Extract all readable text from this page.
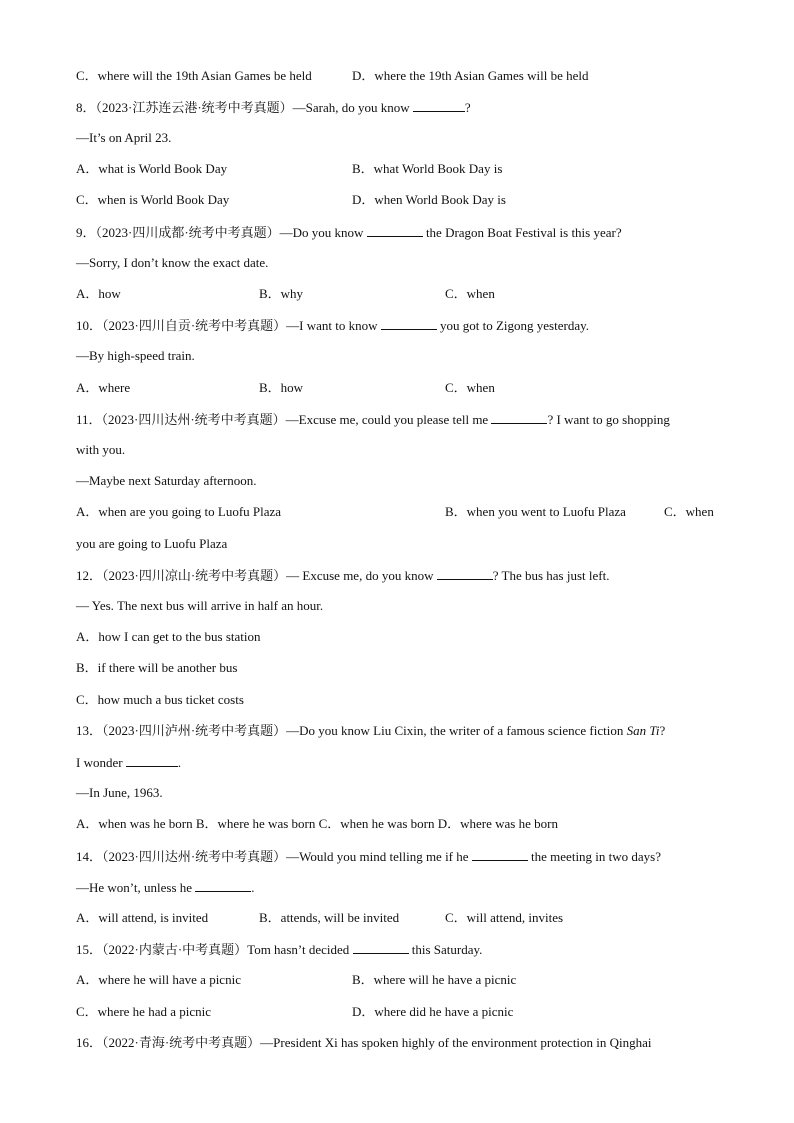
C．where will the 19th Asian Games be held	D．where the 19th Asian Games will be held
8．（2023·江苏连云港·统考中考真题）—Sarah, do you know	?
—It’s on April 23.
A．what is World Book Day	B．what World Book Day is
C．when is World Book Day	D．when World Book Day is
9．（2023·四川成都·统考中考真题）—Do you know	the Dragon Boat Festival is this year?
—Sorry, I don’t know the exact date.
A．how	B．why	C．when
10．（2023·四川自贡·统考中考真题）—I want to know	you got to Zigong yesterday.
—By high-speed train.
A．where	B．how	C．when
11．（2023·四川达州·统考中考真题）—Excuse me, could you please tell me	? I want to go shopping
with you.
—Maybe next Saturday afternoon.
A．when are you going to Luofu Plaza	B．when you went to Luofu Plaza	C．when
you are going to Luofu Plaza
12．（2023·四川凉山·统考中考真题）— Excuse me, do you know	? The bus has just left.
— Yes. The next bus will arrive in half an hour.
A．how I can get to the bus station
B．if there will be another bus
C．how much a bus ticket costs
13．（2023·四川泸州·统考中考真题）—Do you know Liu Cixin, the writer of a famous science fiction San Ti?
I wonder	.
—In June, 1963.
A．when was he born B．where he was born C．when he was born D．where was he born
14．（2023·四川达州·统考中考真题）—Would you mind telling me if he	the meeting in two days?
—He won’t, unless he	.
A．will attend, is invited	B．attends, will be invited	C．will attend, invites
15．（2022·内蒙古·中考真题）Tom hasn’t decided	this Saturday.
A．where he will have a picnic	B．where will he have a picnic
C．where he had a picnic	D．where did he have a picnic
16．（2022·青海·统考中考真题）—President Xi has spoken highly of the environment protection in Qinghai
